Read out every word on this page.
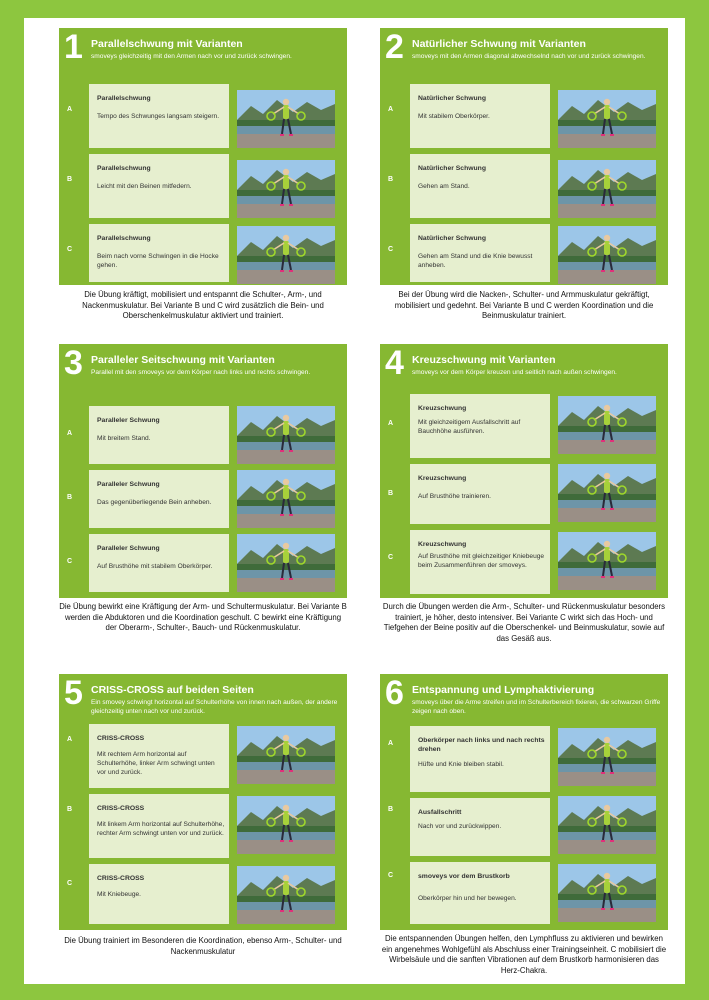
1 Parallelschwung mit Varianten
smoveys gleichzeitig mit den Armen nach vor und zurück schwingen.
A
Parallelschwung
Tempo des Schwunges langsam steigern.
B
Parallelschwung
Leicht mit den Beinen mitfedern.
C
Parallelschwung
Beim nach vorne Schwingen in die Hocke gehen.
Die Übung kräftigt, mobilisiert und entspannt die Schulter-, Arm-, und Nackenmuskulatur. Bei Variante B und C wird zusätzlich die Bein- und Oberschenkelmuskulatur aktiviert und trainiert.
2 Natürlicher Schwung mit Varianten
smoveys mit den Armen diagonal abwechselnd nach vor und zurück schwingen.
A
Natürlicher Schwung
Mit stabilem Oberkörper.
B
Natürlicher Schwung
Gehen am Stand.
C
Natürlicher Schwung
Gehen am Stand und die Knie bewusst anheben.
Bei der Übung wird die Nacken-, Schulter- und Armmuskulatur gekräftigt, mobilisiert und gedehnt. Bei Variante B und C werden Koordination und die Beinmuskulatur trainiert.
3 Paralleler Seitschwung mit Varianten
Parallel mit den smoveys vor dem Körper nach links und rechts schwingen.
A
Paralleler Schwung
Mit breitem Stand.
B
Paralleler Schwung
Das gegenüberliegende Bein anheben.
C
Paralleler Schwung
Auf Brusthöhe mit stabilem Oberkörper.
Die Übung bewirkt eine Kräftigung der Arm- und Schultermuskulatur. Bei Variante B werden die Abduktoren und die Koordination geschult. C bewirkt eine Kräftigung der Oberarm-, Schulter-, Bauch- und Rückenmuskulatur.
4 Kreuzschwung mit Varianten
smoveys vor dem Körper kreuzen und seitlich nach außen schwingen.
A
Kreuzschwung
Mit gleichzeitigem Ausfallschritt auf Bauchhöhe ausführen.
B
Kreuzschwung
Auf Brusthöhe trainieren.
C
Kreuzschwung
Auf Brusthöhe mit gleichzeitiger Kniebeuge beim Zusammenführen der smoveys.
Durch die Übungen werden die Arm-, Schulter- und Rückenmuskulatur besonders trainiert, je höher, desto intensiver. Bei Variante C wirkt sich das Hoch- und Tiefgehen der Beine positiv auf die Oberschenkel- und Beinmuskulatur, sowie auf das Gesäß aus.
5 CRISS-CROSS auf beiden Seiten
Ein smovey schwingt horizontal auf Schulterhöhe von innen nach außen, der andere gleichzeitig unten nach vor und zurück.
A	CRISS-CROSS
Mit rechtem Arm horizontal auf Schulterhöhe, linker Arm schwingt unten vor und zurück.
B	CRISS-CROSS
Mit linkem Arm horizontal auf Schulterhöhe, rechter Arm schwingt unten vor und zurück.
C
CRISS-CROSS
Mit Kniebeuge.
Die Übung trainiert im Besonderen die Koordination, ebenso Arm-, Schulter- und Nackenmuskulatur
6 Entspannung und Lymphaktivierung
smoveys über die Arme streifen und im Schulterbereich fixieren, die schwarzen Griffe zeigen nach oben.
A	Oberkörper nach links und nach rechts drehen
Hüfte und Knie bleiben stabil.
B	Ausfallschritt
Nach vor und zurückwippen.
C	smoveys vor dem Brustkorb
Oberkörper hin und her bewegen.
Die entspannenden Übungen helfen, den Lymphfluss zu aktivieren und bewirken ein angenehmes Wohlgefühl als Abschluss einer Trainingseinheit. C mobilisiert die Wirbelsäule und die sanften Vibrationen auf dem Brustkorb harmonisieren das Herz-Chakra.
